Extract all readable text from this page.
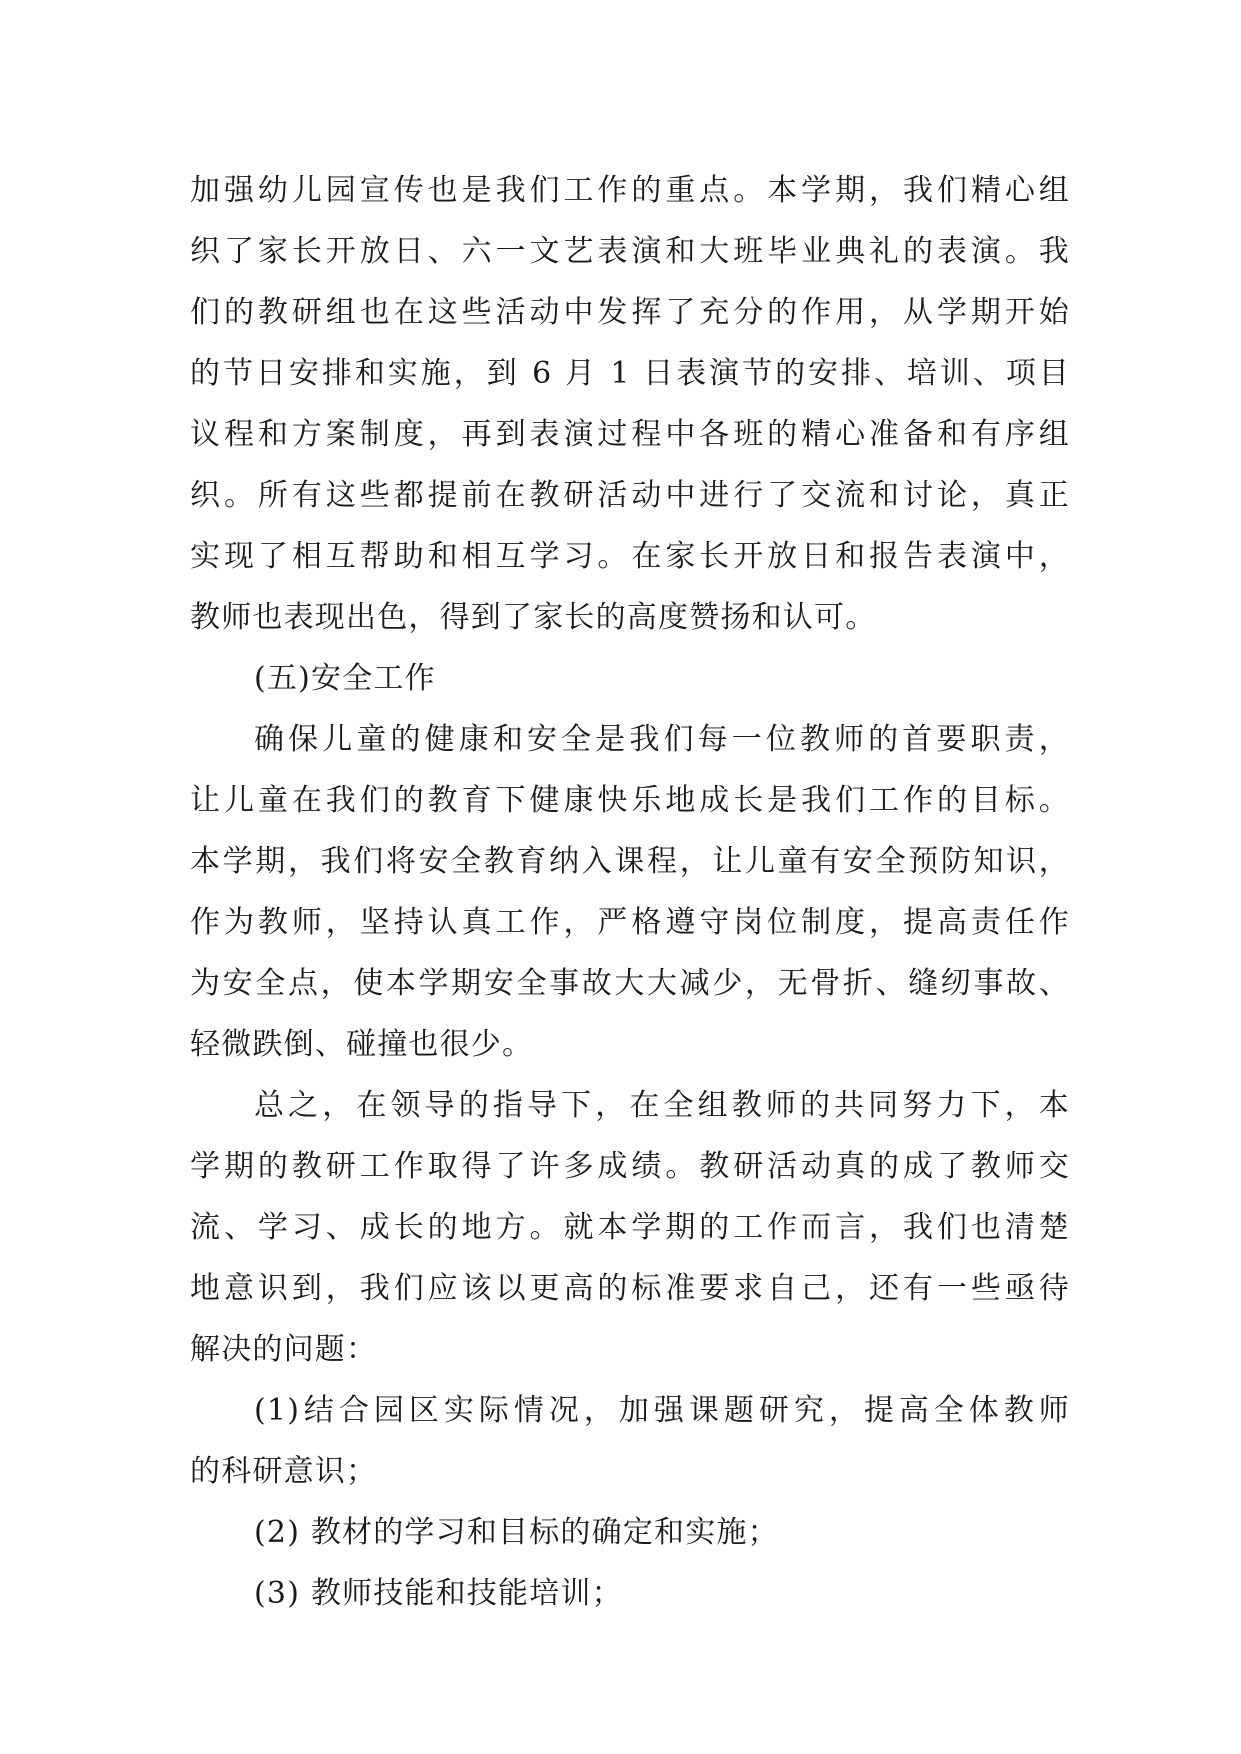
加强幼儿园宣传也是我们工作的重点。本学期，我们精心组
织了家长开放日、六一文艺表演和大班毕业典礼的表演。我
们的教研组也在这些活动中发挥了充分的作用，从学期开始
的节日安排和实施，到 6 月 1 日表演节的安排、培训、项目
议程和方案制度，再到表演过程中各班的精心准备和有序组
织。所有这些都提前在教研活动中进行了交流和讨论，真正
实现了相互帮助和相互学习。在家长开放日和报告表演中，
教师也表现出色，得到了家长的高度赞扬和认可。
(五)安全工作
确保儿童的健康和安全是我们每一位教师的首要职责，
让儿童在我们的教育下健康快乐地成长是我们工作的目标。
本学期，我们将安全教育纳入课程，让儿童有安全预防知识，
作为教师，坚持认真工作，严格遵守岗位制度，提高责任作
为安全点，使本学期安全事故大大减少，无骨折、缝纫事故、
轻微跌倒、碰撞也很少。
总之，在领导的指导下，在全组教师的共同努力下，本
学期的教研工作取得了许多成绩。教研活动真的成了教师交
流、学习、成长的地方。就本学期的工作而言，我们也清楚
地意识到，我们应该以更高的标准要求自己，还有一些亟待
解决的问题：
(1)结合园区实际情况，加强课题研究，提高全体教师
的科研意识；
(2) 教材的学习和目标的确定和实施；
(3) 教师技能和技能培训；
